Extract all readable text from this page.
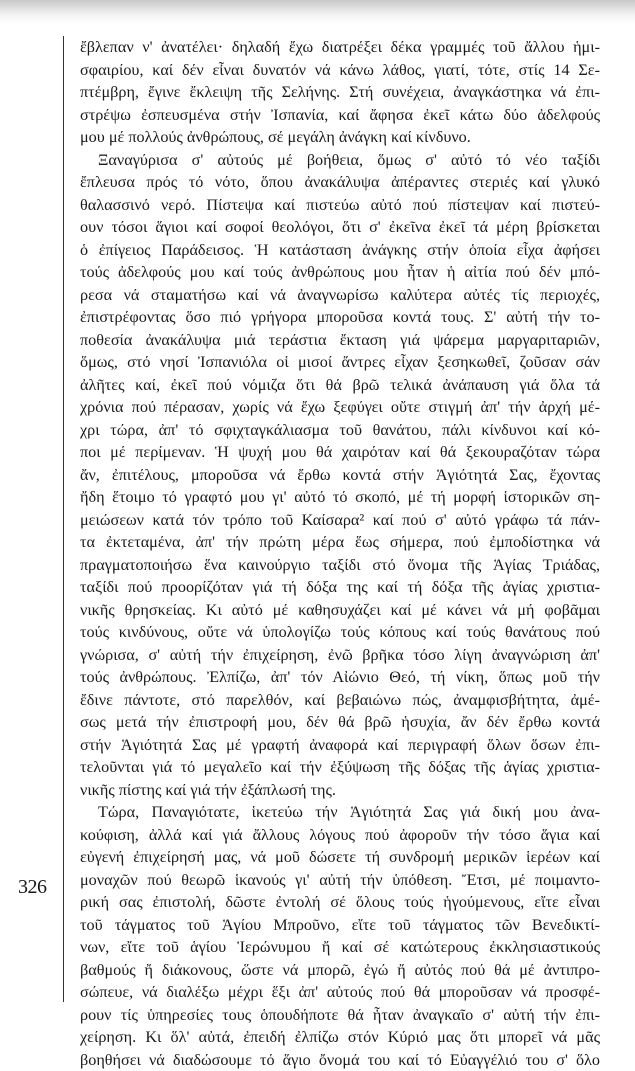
326
ἔβλεπαν ν' ἀνατέλει· δηλαδή ἔχω διατρέξει δέκα γραμμές τοῦ ἄλλου ἡμι-
σφαιρίου, καί δέν εἶναι δυνατόν νά κάνω λάθος, γιατί, τότε, στίς 14 Σε-
πτέμβρη, ἔγινε ἔκλειψη τῆς Σελήνης. Στή συνέχεια, ἀναγκάστηκα νά ἐπι-
στρέψω ἐσπευσμένα στήν Ἰσπανία, καί ἄφησα ἐκεῖ κάτω δύο ἀδελφούς
μου μέ πολλούς ἀνθρώπους, σέ μεγάλη ἀνάγκη καί κίνδυνο.
Ξαναγύρισα σ' αὐτούς μέ βοήθεια, ὅμως σ' αὐτό τό νέο ταξίδι
ἔπλευσα πρός τό νότο, ὅπου ἀνακάλυψα ἀπέραντες στεριές καί γλυκό
θαλασσινό νερό. Πίστεψα καί πιστεύω αὐτό πού πίστεψαν καί πιστεύ-
ουν τόσοι ἅγιοι καί σοφοί θεολόγοι, ὅτι σ' ἐκεῖνα ἐκεῖ τά μέρη βρίσκεται
ὁ ἐπίγειος Παράδεισος. Ἡ κατάσταση ἀνάγκης στήν ὁποία εἶχα ἀφήσει
τούς ἀδελφούς μου καί τούς ἀνθρώπους μου ἦταν ἡ αἰτία πού δέν μπό-
ρεσα νά σταματήσω καί νά ἀναγνωρίσω καλύτερα αὐτές τίς περιοχές,
ἐπιστρέφοντας ὅσο πιό γρήγορα μποροῦσα κοντά τους. Σ' αὐτή τήν το-
ποθεσία ἀνακάλυψα μιά τεράστια ἔκταση γιά ψάρεμα μαργαριταριῶν,
ὅμως, στό νησί Ἰσπανιόλα οἱ μισοί ἄντρες εἶχαν ξεσηκωθεῖ, ζοῦσαν σάν
ἀλῆτες καί, ἐκεῖ πού νόμιζα ὅτι θά βρῶ τελικά ἀνάπαυση γιά ὅλα τά
χρόνια πού πέρασαν, χωρίς νά ἔχω ξεφύγει οὔτε στιγμή ἀπ' τήν ἀρχή μέ-
χρι τώρα, ἀπ' τό σφιχταγκάλιασμα τοῦ θανάτου, πάλι κίνδυνοι καί κό-
ποι μέ περίμεναν. Ἡ ψυχή μου θά χαιρόταν καί θά ξεκουραζόταν τώρα
ἄν, ἐπιτέλους, μποροῦσα νά ἔρθω κοντά στήν Ἁγιότητά Σας, ἔχοντας
ἤδη ἕτοιμο τό γραφτό μου γι' αὐτό τό σκοπό, μέ τή μορφή ἱστορικῶν ση-
μειώσεων κατά τόν τρόπο τοῦ Καίσαρα² καί πού σ' αὐτό γράφω τά πάν-
τα ἐκτεταμένα, ἀπ' τήν πρώτη μέρα ἕως σήμερα, πού ἐμποδίστηκα νά
πραγματοποιήσω ἕνα καινούργιο ταξίδι στό ὄνομα τῆς Ἁγίας Τριάδας,
ταξίδι πού προορίζόταν γιά τή δόξα της καί τή δόξα τῆς ἁγίας χριστια-
νικῆς θρησκείας. Κι αὐτό μέ καθησυχάζει καί μέ κάνει νά μή φοβᾶμαι
τούς κινδύνους, οὔτε νά ὑπολογίζω τούς κόπους καί τούς θανάτους πού
γνώρισα, σ' αὐτή τήν ἐπιχείρηση, ἐνῶ βρῆκα τόσο λίγη ἀναγνώριση ἀπ'
τούς ἀνθρώπους. Ἐλπίζω, ἀπ' τόν Αἰώνιο Θεό, τή νίκη, ὅπως μοῦ τήν
ἔδινε πάντοτε, στό παρελθόν, καί βεβαιώνω πώς, ἀναμφισβήτητα, ἀμέ-
σως μετά τήν ἐπιστροφή μου, δέν θά βρῶ ἡσυχία, ἄν δέν ἔρθω κοντά
στήν Ἁγιότητά Σας μέ γραφτή ἀναφορά καί περιγραφή ὅλων ὅσων ἐπι-
τελοῦνται γιά τό μεγαλεῖο καί τήν ἐξύψωση τῆς δόξας τῆς ἁγίας χριστια-
νικῆς πίστης καί γιά τήν ἐξάπλωσή της.
Τώρα, Παναγιότατε, ἱκετεύω τήν Ἁγιότητά Σας γιά δική μου ἀνα-
κούφιση, ἀλλά καί γιά ἄλλους λόγους πού ἀφοροῦν τήν τόσο ἅγια καί
εὐγενή ἐπιχείρησή μας, νά μοῦ δώσετε τή συνδρομή μερικῶν ἱερέων καί
μοναχῶν πού θεωρῶ ἱκανούς γι' αὐτή τήν ὑπόθεση. Ἔτσι, μέ ποιμαντο-
ρική σας ἐπιστολή, δῶστε ἐντολή σέ ὅλους τούς ἡγούμενους, εἴτε εἶναι
τοῦ τάγματος τοῦ Ἁγίου Μπροῦνο, εἴτε τοῦ τάγματος τῶν Βενεδικτί-
νων, εἴτε τοῦ ἁγίου Ἱερώνυμου ἤ καί σέ κατώτερους ἐκκλησιαστικούς
βαθμούς ἤ διάκονους, ὥστε νά μπορῶ, ἐγώ ἤ αὐτός πού θά μέ ἀντιπρο-
σώπευε, νά διαλέξω μέχρι ἕξι ἀπ' αὐτούς πού θά μποροῦσαν νά προσφέ-
ρουν τίς ὑπηρεσίες τους ὁπουδήποτε θά ἦταν ἀναγκαῖο σ' αὐτή τήν ἐπι-
χείρηση. Κι ὅλ' αὐτά, ἐπειδή ἐλπίζω στόν Κύριό μας ὅτι μπορεῖ νά μᾶς
βοηθήσει νά διαδώσουμε τό ἅγιο ὄνομά του καί τό Εὐαγγέλιό του σ' ὅλο
